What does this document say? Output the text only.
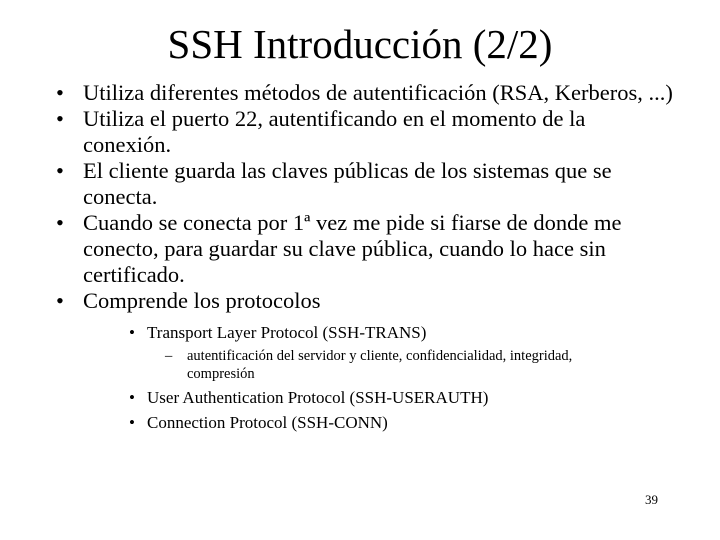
SSH Introducción (2/2)
• Utiliza diferentes métodos de autentificación (RSA, Kerberos, ...)
• Utiliza el puerto 22, autentificando en el momento de la conexión.
• El cliente guarda las claves públicas de los sistemas que se conecta.
• Cuando se conecta por 1ª vez me pide si fiarse de donde me conecto, para guardar su clave pública, cuando lo hace sin certificado.
• Comprende los protocolos
• Transport Layer Protocol (SSH-TRANS)
– autentificación del servidor y cliente, confidencialidad, integridad, compresión
• User Authentication Protocol (SSH-USERAUTH)
• Connection Protocol (SSH-CONN)
39
